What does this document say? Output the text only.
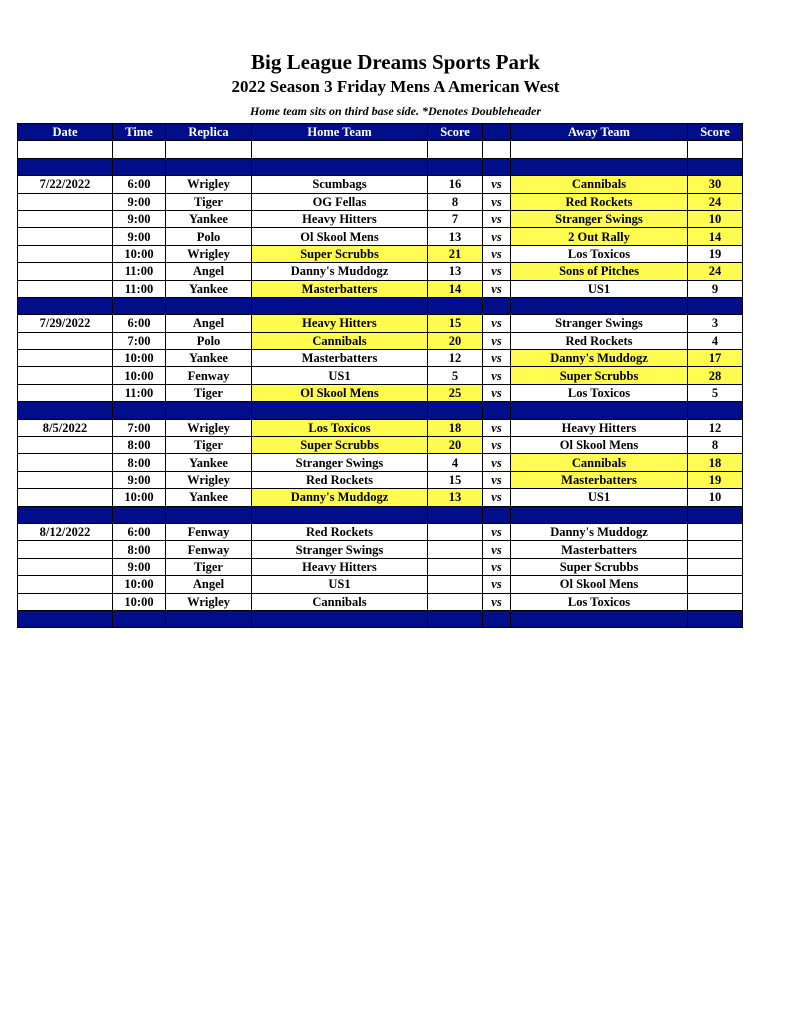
Big League Dreams Sports Park
2022 Season 3 Friday Mens A American West
Home team sits on third base side. *Denotes Doubleheader
Date	Time	Replica	Home Team	Score		Away Team	Score

7/22/2022	6:00	Wrigley	Scumbags	16	vs	Cannibals	30
	9:00	Tiger	OG Fellas	8	vs	Red Rockets	24
	9:00	Yankee	Heavy Hitters	7	vs	Stranger Swings	10
	9:00	Polo	Ol Skool Mens	13	vs	2 Out Rally	14
	10:00	Wrigley	Super Scrubbs	21	vs	Los Toxicos	19
	11:00	Angel	Danny's Muddogz	13	vs	Sons of Pitches	24
	11:00	Yankee	Masterbatters	14	vs	US1	9

7/29/2022	6:00	Angel	Heavy Hitters	15	vs	Stranger Swings	3
	7:00	Polo	Cannibals	20	vs	Red Rockets	4
	10:00	Yankee	Masterbatters	12	vs	Danny's Muddogz	17
	10:00	Fenway	US1	5	vs	Super Scrubbs	28
	11:00	Tiger	Ol Skool Mens	25	vs	Los Toxicos	5

8/5/2022	7:00	Wrigley	Los Toxicos	18	vs	Heavy Hitters	12
	8:00	Tiger	Super Scrubbs	20	vs	Ol Skool Mens	8
	8:00	Yankee	Stranger Swings	4	vs	Cannibals	18
	9:00	Wrigley	Red Rockets	15	vs	Masterbatters	19
	10:00	Yankee	Danny's Muddogz	13	vs	US1	10

8/12/2022	6:00	Fenway	Red Rockets		vs	Danny's Muddogz	
	8:00	Fenway	Stranger Swings		vs	Masterbatters	
	9:00	Tiger	Heavy Hitters		vs	Super Scrubbs	
	10:00	Angel	US1		vs	Ol Skool Mens	
	10:00	Wrigley	Cannibals		vs	Los Toxicos	
